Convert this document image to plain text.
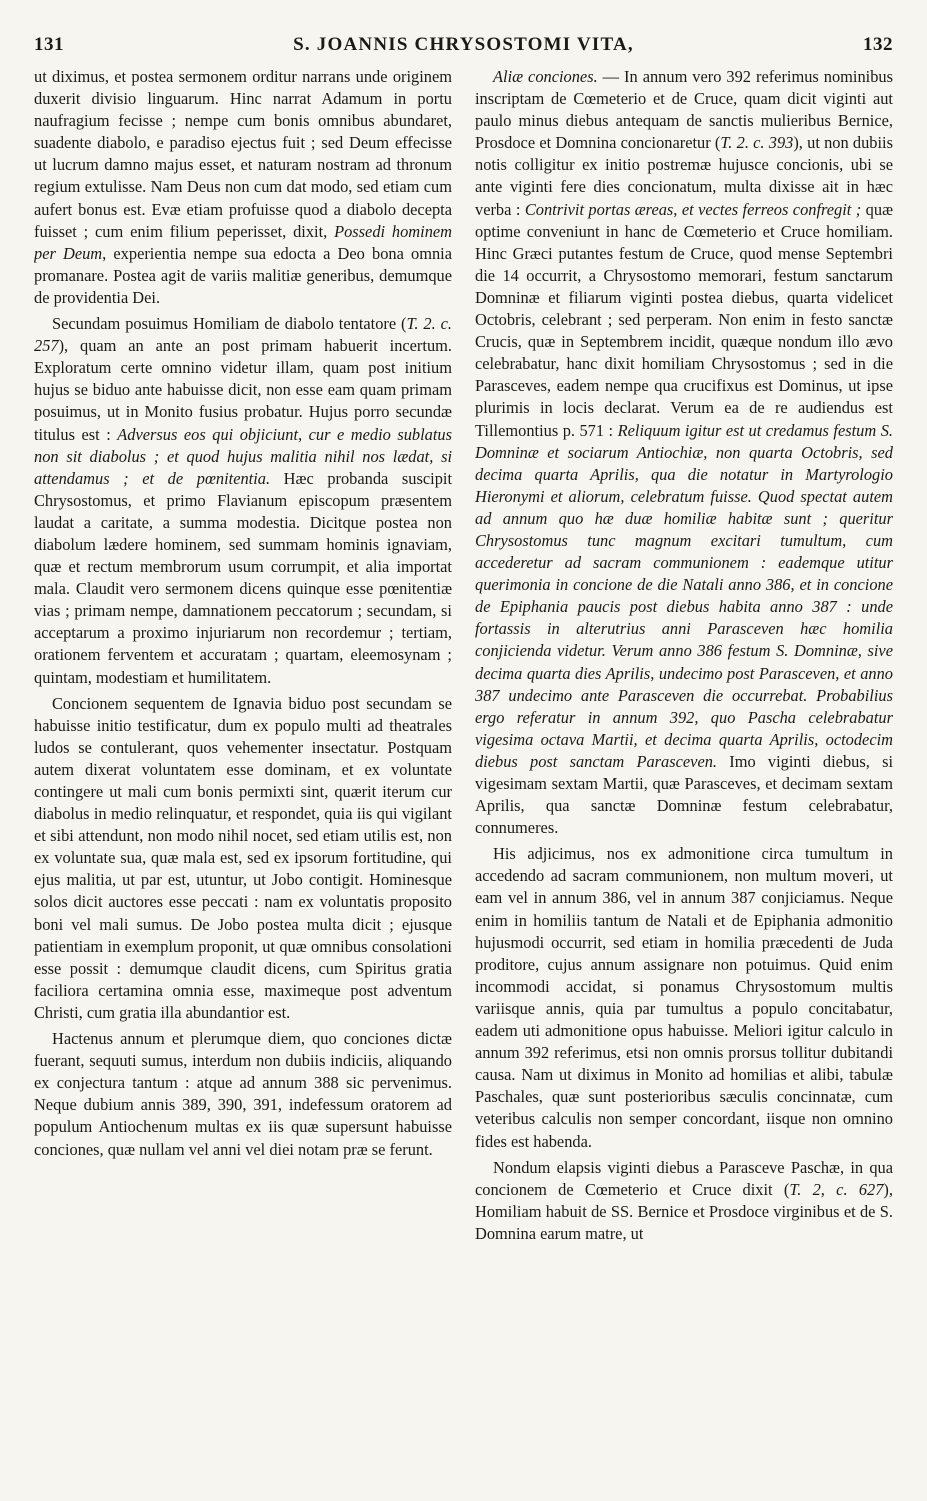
131	S. JOANNIS CHRYSOSTOMI VITA,	132

ut diximus, et postea sermonem orditur narrans unde originem duxerit divisio linguarum. Hinc narrat Adamum in portu naufragium fecisse ; nempe cum bonis omnibus abundaret, suadente diabolo, e paradiso ejectus fuit ; sed Deum effecisse ut lucrum damno majus esset, et naturam nostram ad thronum regium extulisse. Nam Deus non cum dat modo, sed etiam cum aufert bonus est. Evæ etiam profuisse quod a diabolo decepta fuisset ; cum enim filium peperisset, dixit, Possedi hominem per Deum, experientia nempe sua edocta a Deo bona omnia promanare. Postea agit de variis malitiæ generibus, demumque de providentia Dei.

Secundam posuimus Homiliam de diabolo tentatore (T. 2. c. 257), quam an ante an post primam habuerit incertum. Exploratum certe omnino videtur illam, quam post initium hujus se biduo ante habuisse dicit, non esse eam quam primam posuimus, ut in Monito fusius probatur. Hujus porro secundæ titulus est : Adversus eos qui objiciunt, cur e medio sublatus non sit diabolus ; et quod hujus malitia nihil nos lædat, si attendamus ; et de pœnitentia. Hæc probanda suscipit Chrysostomus, et primo Flavianum episcopum præsentem laudat a caritate, a summa modestia. Dicitque postea non diabolum lædere hominem, sed summam hominis ignaviam, quæ et rectum membrorum usum corrumpit, et alia importat mala. Claudit vero sermonem dicens quinque esse pœnitentiæ vias ; primam nempe, damnationem peccatorum ; secundam, si acceptarum a proximo injuriarum non recordemur ; tertiam, orationem ferventem et accuratam ; quartam, eleemosynam ; quintam, modestiam et humilitatem.

Concionem sequentem de Ignavia biduo post secundam se habuisse initio testificatur, dum ex populo multi ad theatrales ludos se contulerant, quos vehementer insectatur. Postquam autem dixerat voluntatem esse dominam, et ex voluntate contingere ut mali cum bonis permixti sint, quærit iterum cur diabolus in medio relinquatur, et respondet, quia iis qui vigilant et sibi attendunt, non modo nihil nocet, sed etiam utilis est, non ex voluntate sua, quæ mala est, sed ex ipsorum fortitudine, qui ejus malitia, ut par est, utuntur, ut Jobo contigit. Hominesque solos dicit auctores esse peccati : nam ex voluntatis proposito boni vel mali sumus. De Jobo postea multa dicit ; ejusque patientiam in exemplum proponit, ut quæ omnibus consolationi esse possit : demumque claudit dicens, cum Spiritus gratia faciliora certamina omnia esse, maximeque post adventum Christi, cum gratia illa abundantior est.

Hactenus annum et plerumque diem, quo conciones dictæ fuerant, sequuti sumus, interdum non dubiis indiciis, aliquando ex conjectura tantum : atque ad annum 388 sic pervenimus. Neque dubium annis 389, 390, 391, indefessum oratorem ad populum Antiochenum multas ex iis quæ supersunt habuisse conciones, quæ nullam vel anni vel diei notam præ se ferunt.

Aliæ conciones. — In annum vero 392 referimus nominibus inscriptam de Cœmeterio et de Cruce, quam dicit viginti aut paulo minus diebus antequam de sanctis mulieribus Bernice, Prosdoce et Domnina concionaretur (T. 2. c. 393), ut non dubiis notis colligitur ex initio postremæ hujusce concionis, ubi se ante viginti fere dies concionatum, multa dixisse ait in hæc verba : Contrivit portas æreas, et vectes ferreos confregit ; quæ optime conveniunt in hanc de Cœmeterio et Cruce homiliam. Hinc Græci putantes festum de Cruce, quod mense Septembri die 14 occurrit, a Chrysostomo memorari, festum sanctarum Domninæ et filiarum viginti postea diebus, quarta videlicet Octobris, celebrant ; sed perperam. Non enim in festo sanctæ Crucis, quæ in Septembrem incidit, quæque nondum illo ævo celebrabatur, hanc dixit homiliam Chrysostomus ; sed in die Parasceves, eadem nempe qua crucifixus est Dominus, ut ipse plurimis in locis declarat. Verum ea de re audiendus est Tillemontius p. 571 : Reliquum igitur est ut credamus festum S. Domninæ et sociarum Antiochiæ, non quarta Octobris, sed decima quarta Aprilis, qua die notatur in Martyrologio Hieronymi et aliorum, celebratum fuisse. Quod spectat autem ad annum quo hæ duæ homiliæ habitæ sunt ; queritur Chrysostomus tunc magnum excitari tumultum, cum accederetur ad sacram communionem : eademque utitur querimonia in concione de die Natali anno 386, et in concione de Epiphania paucis post diebus habita anno 387 : unde fortassis in alterutrius anni Parasceven hæc homilia conjicienda videtur. Verum anno 386 festum S. Domninæ, sive decima quarta dies Aprilis, undecimo post Parasceven, et anno 387 undecimo ante Parasceven die occurrebat. Probabilius ergo referatur in annum 392, quo Pascha celebrabatur vigesima octava Martii, et decima quarta Aprilis, octodecim diebus post sanctam Parasceven. Imo viginti diebus, si vigesimam sextam Martii, quæ Parasceves, et decimam sextam Aprilis, qua sanctæ Domninæ festum celebrabatur, connumeres.

His adjicimus, nos ex admonitione circa tumultum in accedendo ad sacram communionem, non multum moveri, ut eam vel in annum 386, vel in annum 387 conjiciamus. Neque enim in homiliis tantum de Natali et de Epiphania admonitio hujusmodi occurrit, sed etiam in homilia præcedenti de Juda proditore, cujus annum assignare non potuimus. Quid enim incommodi accidat, si ponamus Chrysostomum multis variisque annis, quia par tumultus a populo concitabatur, eadem uti admonitione opus habuisse. Meliori igitur calculo in annum 392 referimus, etsi non omnis prorsus tollitur dubitandi causa. Nam ut diximus in Monito ad homilias et alibi, tabulæ Paschales, quæ sunt posterioribus sæculis concinnatæ, cum veteribus calculis non semper concordant, iisque non omnino fides est habenda.

Nondum elapsis viginti diebus a Parasceve Paschæ, in qua concionem de Cœmeterio et Cruce dixit (T. 2, c. 627), Homiliam habuit de SS. Bernice et Prosdoce virginibus et de S. Domnina earum matre, ut
